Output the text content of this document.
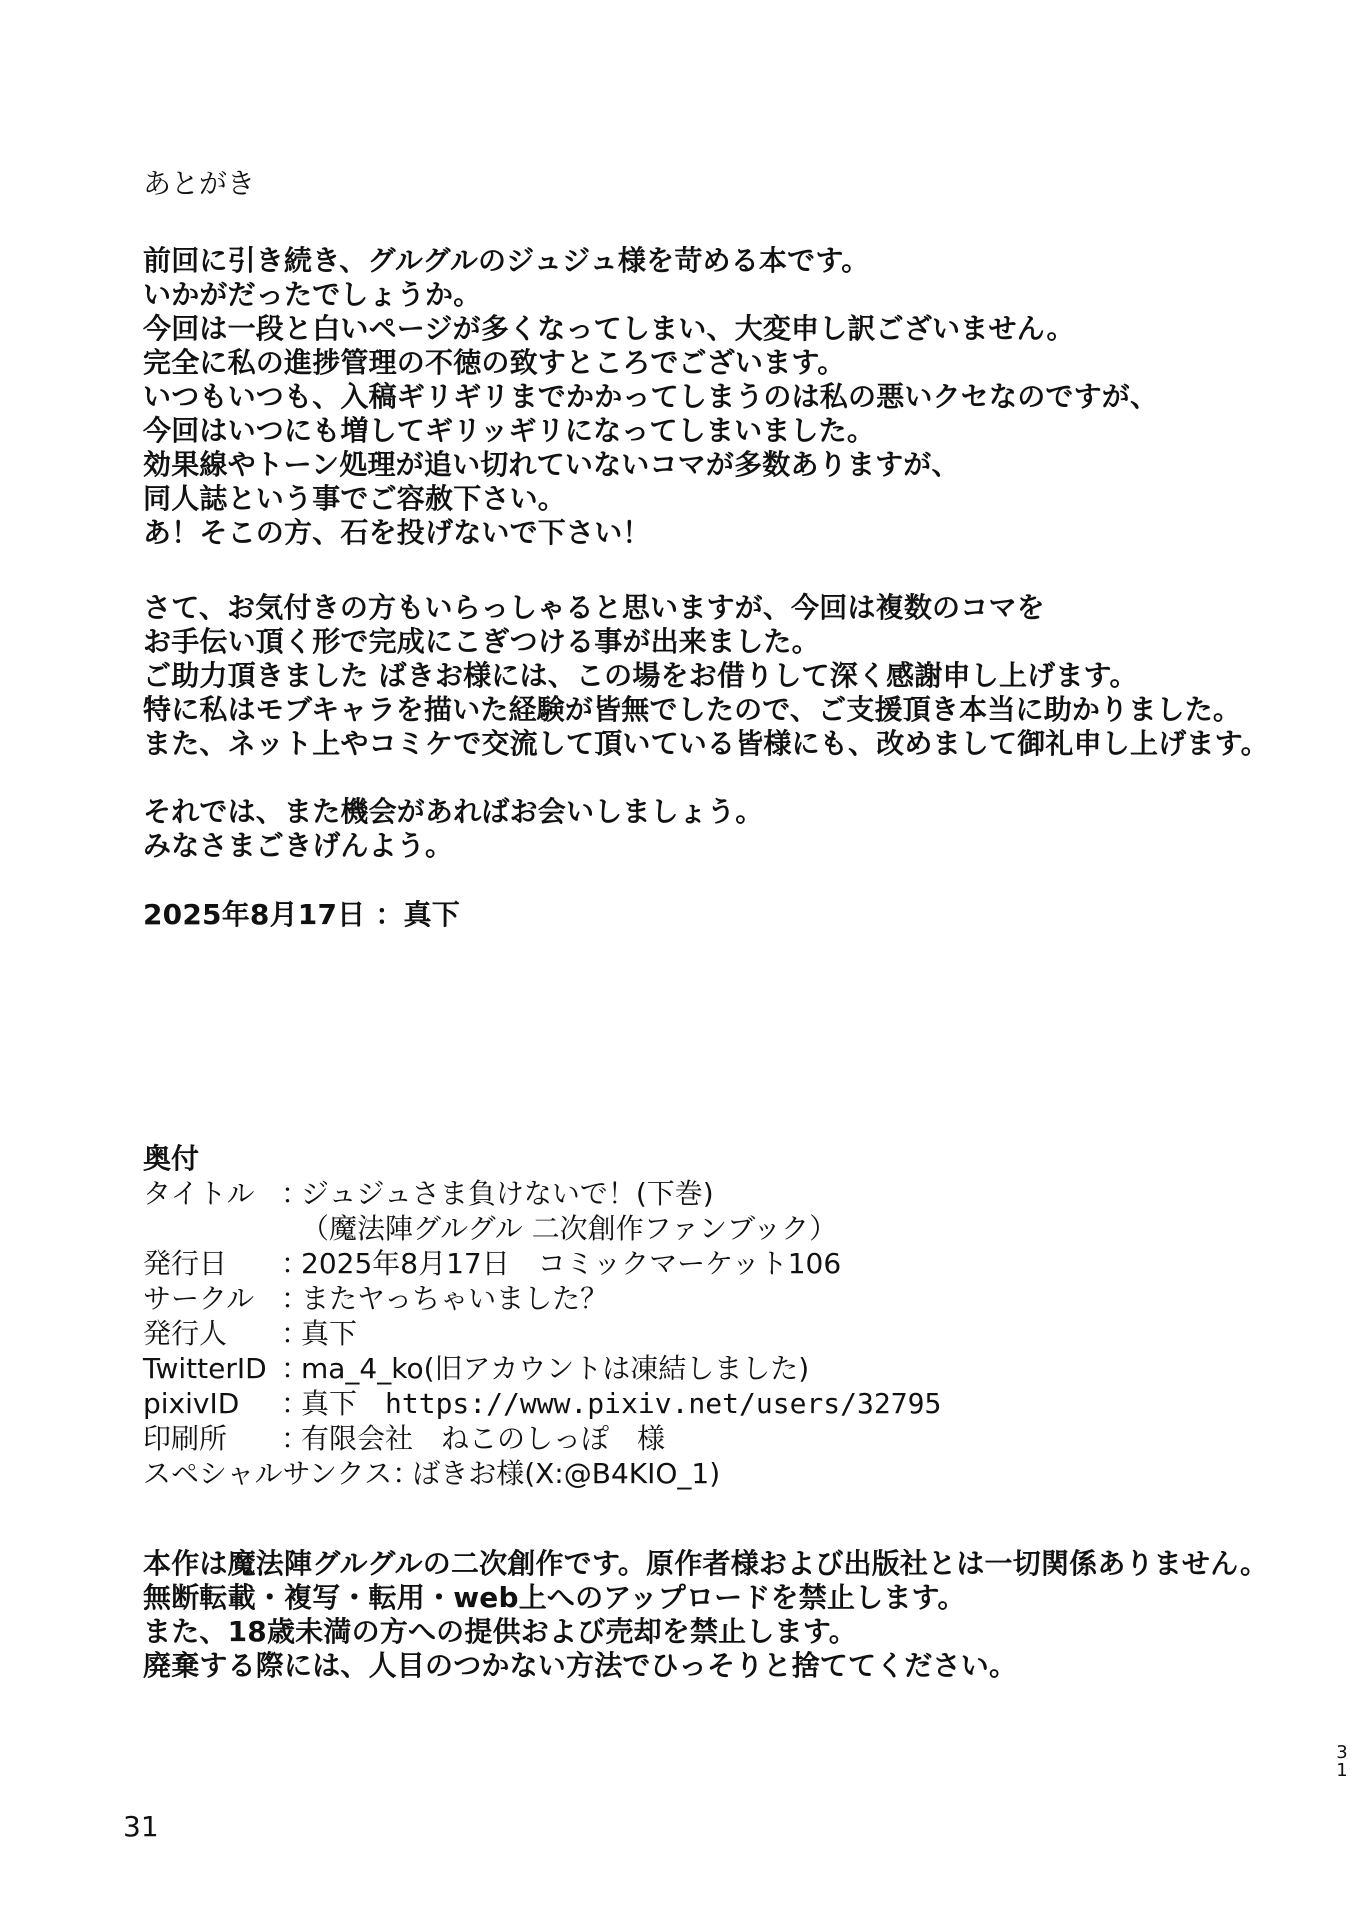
あとがき
前回に引き続き、グルグルのジュジュ様を苛める本です。
いかがだったでしょうか。
今回は一段と白いページが多くなってしまい、大変申し訳ございません。
完全に私の進捗管理の不徳の致すところでございます。
いつもいつも、入稿ギリギリまでかかってしまうのは私の悪いクセなのですが、
今回はいつにも増してギリッギリになってしまいました。
効果線やトーン処理が追い切れていないコマが多数ありますが、
同人誌という事でご容赦下さい。
あ！そこの方、石を投げないで下さい！
さて、お気付きの方もいらっしゃると思いますが、今回は複数のコマを
お手伝い頂く形で完成にこぎつける事が出来ました。
ご助力頂きました ばきお様には、この場をお借りして深く感謝申し上げます。
特に私はモブキャラを描いた経験が皆無でしたので、ご支援頂き本当に助かりました。
また、ネット上やコミケで交流して頂いている皆様にも、改めまして御礼申し上げます。
それでは、また機会があればお会いしましょう。
みなさまごきげんよう。
2025年8月17日 ：真下
奥付
タイトル ：
ジュジュさま負けないで！(下巻)
（魔法陣グルグル 二次創作ファンブック）
発行日	：
2025年8月17日　コミックマーケット106
サークル ：
またヤっちゃいました？
発行人	：
真下
TwitterID ：
ma_4_ko(旧アカウントは凍結しました)
pixivID	：
真下　https://www.pixiv.net/users/32795
印刷所	：
有限会社　ねこのしっぽ　様
スペシャルサンクス ：
ばきお様(X:@B4KIO_1)
本作は魔法陣グルグルの二次創作です。原作者様および出版社とは一切関係ありません。
無断転載・複写・転用・web上へのアップロードを禁止します。
また、18歳未満の方への提供および売却を禁止します。
廃棄する際には、人目のつかない方法でひっそりと捨ててください。
31
31
